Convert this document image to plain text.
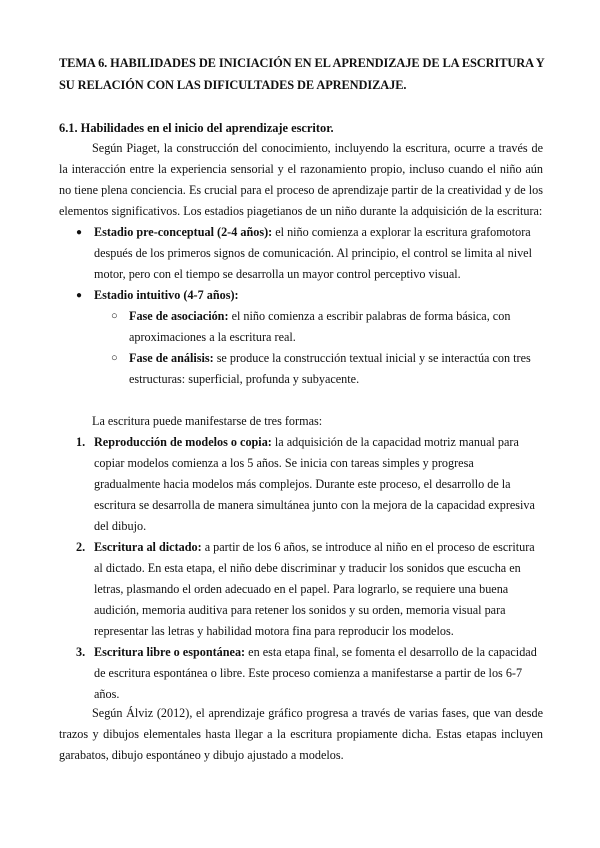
TEMA 6. HABILIDADES DE INICIACIÓN EN EL APRENDIZAJE DE LA ESCRITURA Y SU RELACIÓN CON LAS DIFICULTADES DE APRENDIZAJE.
6.1. Habilidades en el inicio del aprendizaje escritor.
Según Piaget, la construcción del conocimiento, incluyendo la escritura, ocurre a través de la interacción entre la experiencia sensorial y el razonamiento propio, incluso cuando el niño aún no tiene plena conciencia. Es crucial para el proceso de aprendizaje partir de la creatividad y de los elementos significativos. Los estadios piagetianos de un niño durante la adquisición de la escritura:
● Estadio pre-conceptual (2-4 años): el niño comienza a explorar la escritura grafomotora después de los primeros signos de comunicación. Al principio, el control se limita al nivel motor, pero con el tiempo se desarrolla un mayor control perceptivo visual.
● Estadio intuitivo (4-7 años):
○ Fase de asociación: el niño comienza a escribir palabras de forma básica, con aproximaciones a la escritura real.
○ Fase de análisis: se produce la construcción textual inicial y se interactúa con tres estructuras: superficial, profunda y subyacente.
La escritura puede manifestarse de tres formas:
1. Reproducción de modelos o copia: la adquisición de la capacidad motriz manual para copiar modelos comienza a los 5 años. Se inicia con tareas simples y progresa gradualmente hacia modelos más complejos. Durante este proceso, el desarrollo de la escritura se desarrolla de manera simultánea junto con la mejora de la capacidad expresiva del dibujo.
2. Escritura al dictado: a partir de los 6 años, se introduce al niño en el proceso de escritura al dictado. En esta etapa, el niño debe discriminar y traducir los sonidos que escucha en letras, plasmando el orden adecuado en el papel. Para lograrlo, se requiere una buena audición, memoria auditiva para retener los sonidos y su orden, memoria visual para representar las letras y habilidad motora fina para reproducir los modelos.
3. Escritura libre o espontánea: en esta etapa final, se fomenta el desarrollo de la capacidad de escritura espontánea o libre. Este proceso comienza a manifestarse a partir de los 6-7 años.
Según Álviz (2012), el aprendizaje gráfico progresa a través de varias fases, que van desde trazos y dibujos elementales hasta llegar a la escritura propiamente dicha. Estas etapas incluyen garabatos, dibujo espontáneo y dibujo ajustado a modelos.
